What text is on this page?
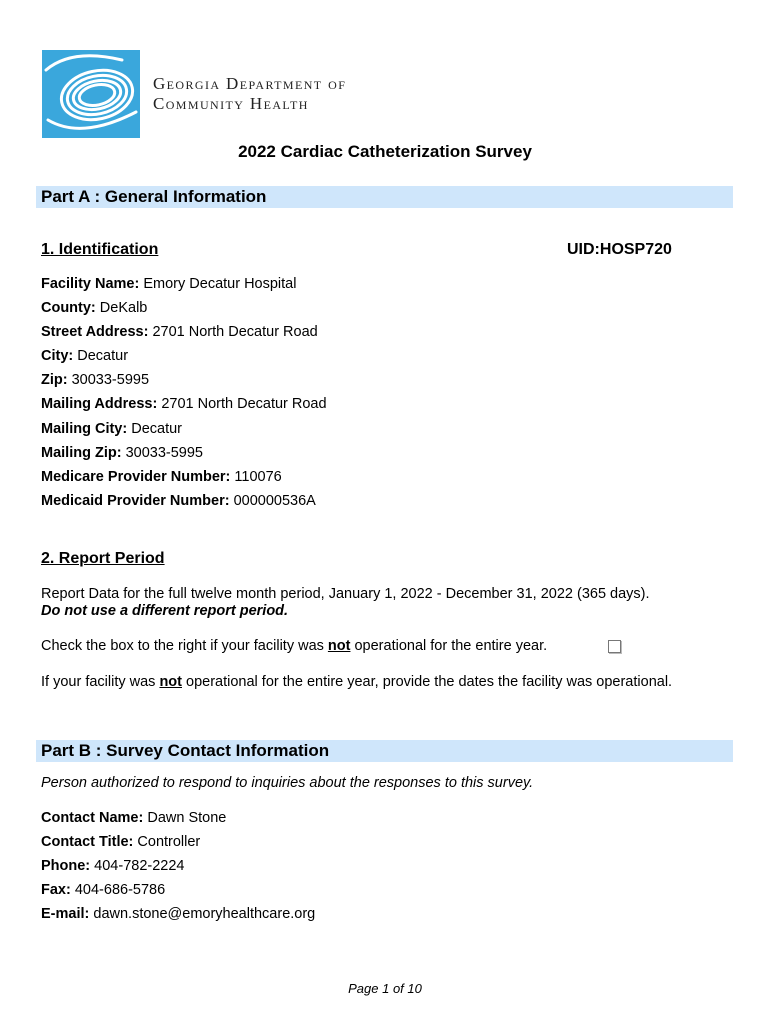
Georgia Department of
Community Health
2022 Cardiac Catheterization Survey
Part A : General Information
1. Identification	UID:HOSP720
Facility Name: Emory Decatur Hospital
County: DeKalb
Street Address: 2701 North Decatur Road
City: Decatur
Zip: 30033-5995
Mailing Address: 2701 North Decatur Road
Mailing City: Decatur
Mailing Zip: 30033-5995
Medicare Provider Number: 110076
Medicaid Provider Number: 000000536A
2. Report Period
Report Data for the full twelve month period, January 1, 2022 - December 31, 2022 (365 days).
Do not use a different report period.
Check the box to the right if your facility was not operational for the entire year.
If your facility was not operational for the entire year, provide the dates the facility was operational.
Part B : Survey Contact Information
Person authorized to respond to inquiries about the responses to this survey.
Contact Name: Dawn Stone
Contact Title: Controller
Phone: 404-782-2224
Fax: 404-686-5786
E-mail: dawn.stone@emoryhealthcare.org
Page 1 of 10
